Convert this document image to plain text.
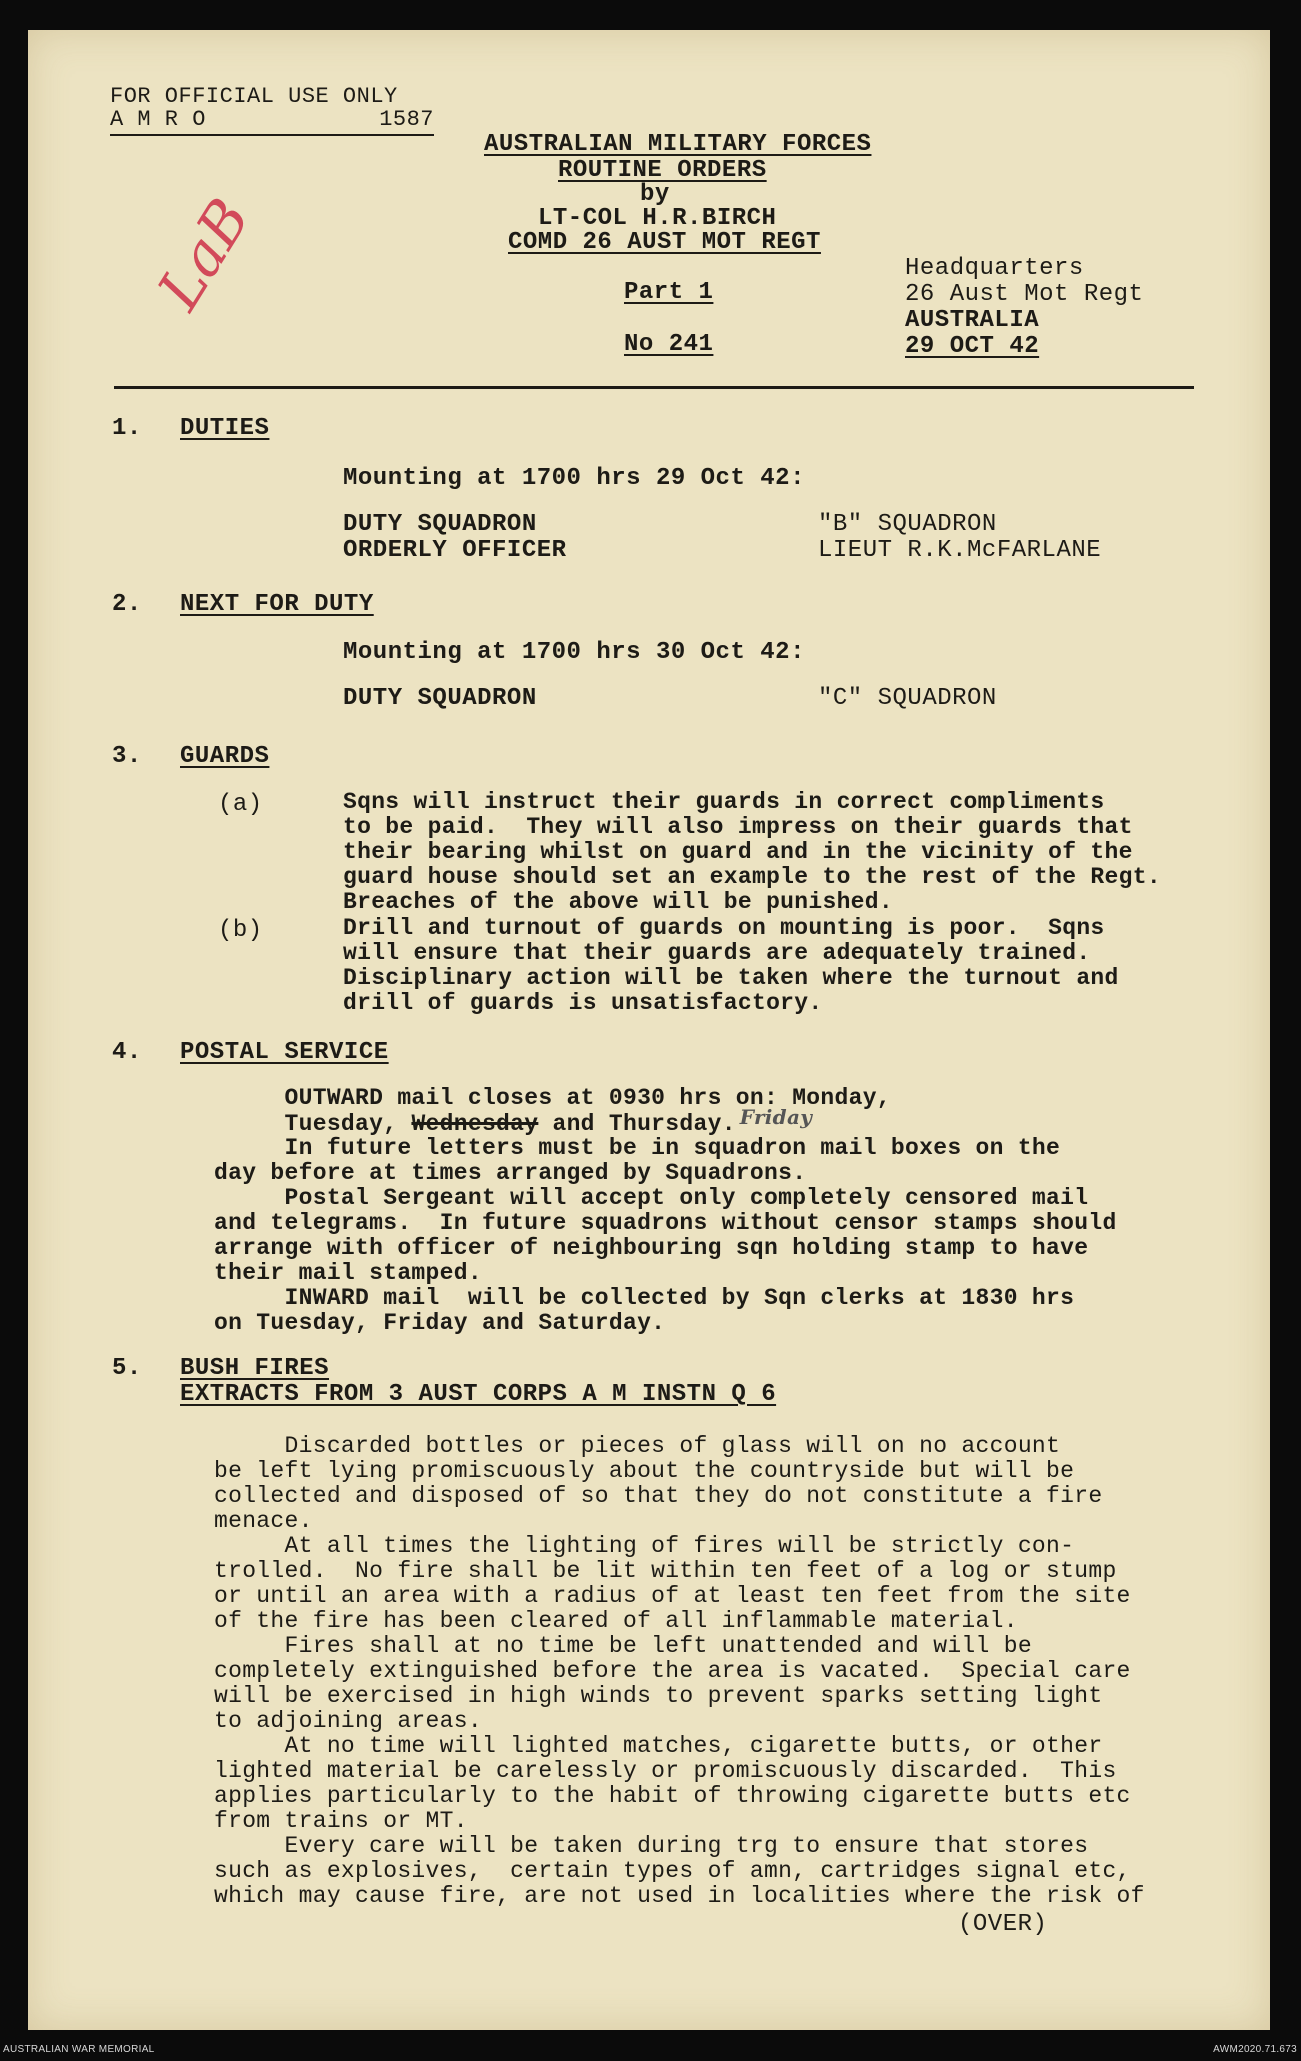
FOR OFFICIAL USE ONLY
A M R O	1587
LaB
AUSTRALIAN MILITARY FORCES
ROUTINE ORDERS
by
LT-COL H.R.BIRCH
COMD 26 AUST MOT REGT
Part 1
No 241
Headquarters
26 Aust Mot Regt
AUSTRALIA
29 OCT 42
1. DUTIES
Mounting at 1700 hrs 29 Oct 42:
DUTY SQUADRON	"B" SQUADRON
ORDERLY OFFICER	LIEUT R.K.McFARLANE
2. NEXT FOR DUTY
Mounting at 1700 hrs 30 Oct 42:
DUTY SQUADRON	"C" SQUADRON
3. GUARDS
(a)	Sqns will instruct their guards in correct compliments
to be paid.  They will also impress on their guards that
their bearing whilst on guard and in the vicinity of the
guard house should set an example to the rest of the Regt.
Breaches of the above will be punished.
(b)	Drill and turnout of guards on mounting is poor.  Sqns
will ensure that their guards are adequately trained.
Disciplinary action will be taken where the turnout and
drill of guards is unsatisfactory.
4. POSTAL SERVICE
OUTWARD mail closes at 0930 hrs on: Monday,
Tuesday, Wednesday and Thursday. Friday
In future letters must be in squadron mail boxes on the
day before at times arranged by Squadrons.
Postal Sergeant will accept only completely censored mail
and telegrams.  In future squadrons without censor stamps should
arrange with officer of neighbouring sqn holding stamp to have
their mail stamped.
INWARD mail  will be collected by Sqn clerks at 1830 hrs
on Tuesday, Friday and Saturday.
5. BUSH FIRES
EXTRACTS FROM 3 AUST CORPS A M INSTN Q 6
Discarded bottles or pieces of glass will on no account
be left lying promiscuously about the countryside but will be
collected and disposed of so that they do not constitute a fire
menace.
At all times the lighting of fires will be strictly con-
trolled.  No fire shall be lit within ten feet of a log or stump
or until an area with a radius of at least ten feet from the site
of the fire has been cleared of all inflammable material.
Fires shall at no time be left unattended and will be
completely extinguished before the area is vacated.  Special care
will be exercised in high winds to prevent sparks setting light
to adjoining areas.
At no time will lighted matches, cigarette butts, or other
lighted material be carelessly or promiscuously discarded.  This
applies particularly to the habit of throwing cigarette butts etc
from trains or MT.
Every care will be taken during trg to ensure that stores
such as explosives,  certain types of amn, cartridges signal etc,
which may cause fire, are not used in localities where the risk of
(OVER)
AUSTRALIAN WAR MEMORIAL	AWM2020.71.673
